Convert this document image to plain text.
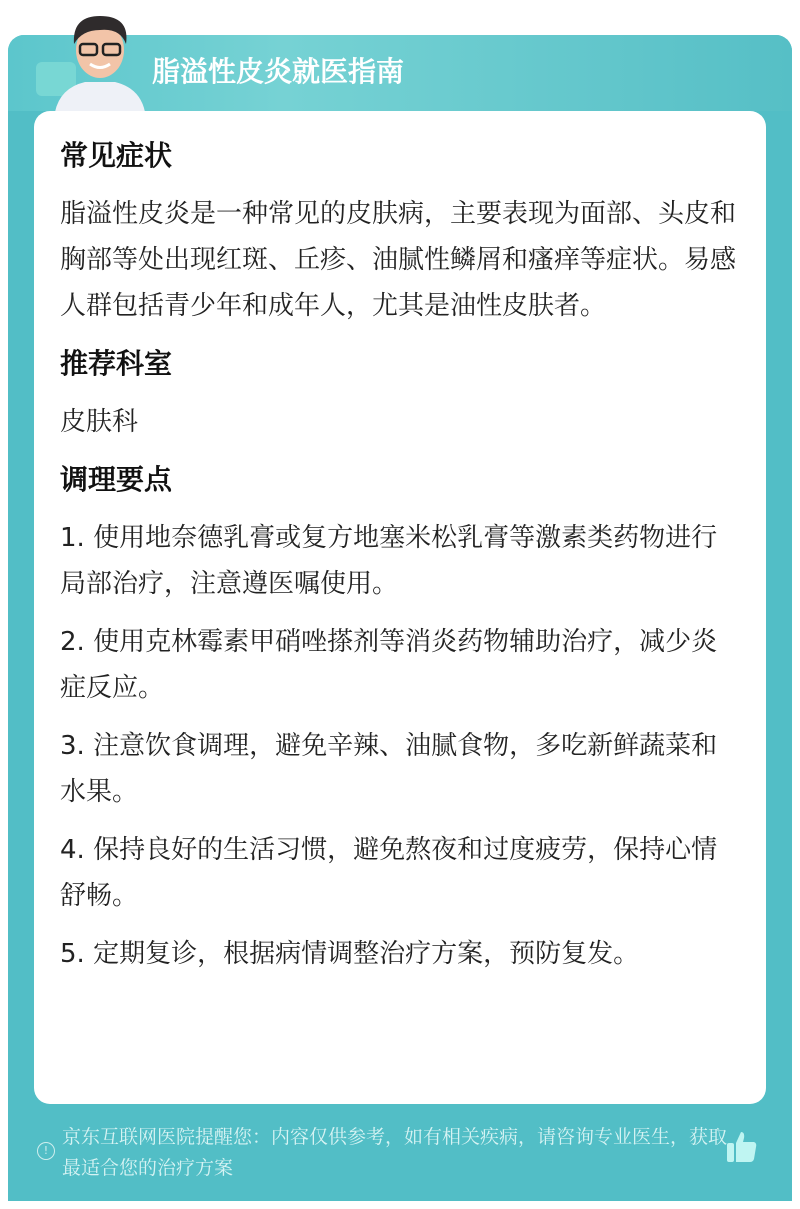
脂溢性皮炎就医指南
常见症状

脂溢性皮炎是一种常见的皮肤病，主要表现为面部、头皮和胸部等处出现红斑、丘疹、油腻性鳞屑和瘙痒等症状。易感人群包括青少年和成年人，尤其是油性皮肤者。

推荐科室

皮肤科

调理要点

1. 使用地奈德乳膏或复方地塞米松乳膏等激素类药物进行局部治疗，注意遵医嘱使用。

2. 使用克林霉素甲硝唑搽剂等消炎药物辅助治疗，减少炎症反应。

3. 注意饮食调理，避免辛辣、油腻食物，多吃新鲜蔬菜和水果。

4. 保持良好的生活习惯，避免熬夜和过度疲劳，保持心情舒畅。

5. 定期复诊，根据病情调整治疗方案，预防复发。

!
京东互联网医院提醒您：内容仅供参考，如有相关疾病，请咨询专业医生，获取最适合您的治疗方案
